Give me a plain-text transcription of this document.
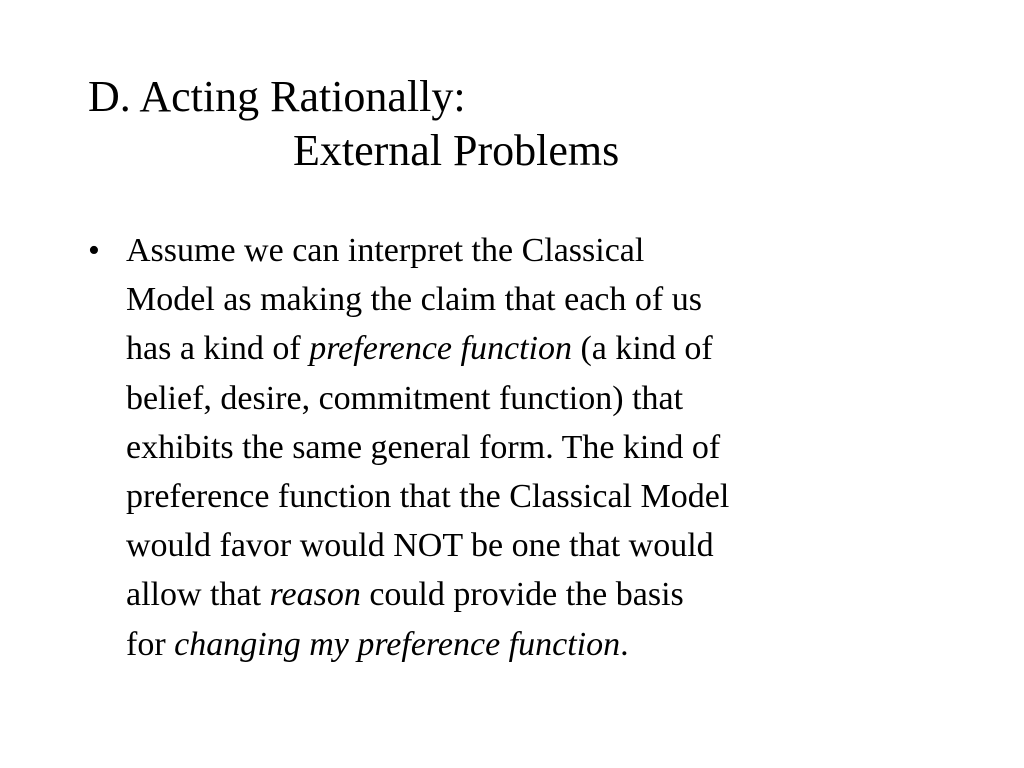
D. Acting Rationally:
External Problems
• Assume we can interpret the Classical
Model as making the claim that each of us
has a kind of preference function (a kind of
belief, desire, commitment function) that
exhibits the same general form. The kind of
preference function that the Classical Model
would favor would NOT be one that would
allow that reason could provide the basis
for changing my preference function.
